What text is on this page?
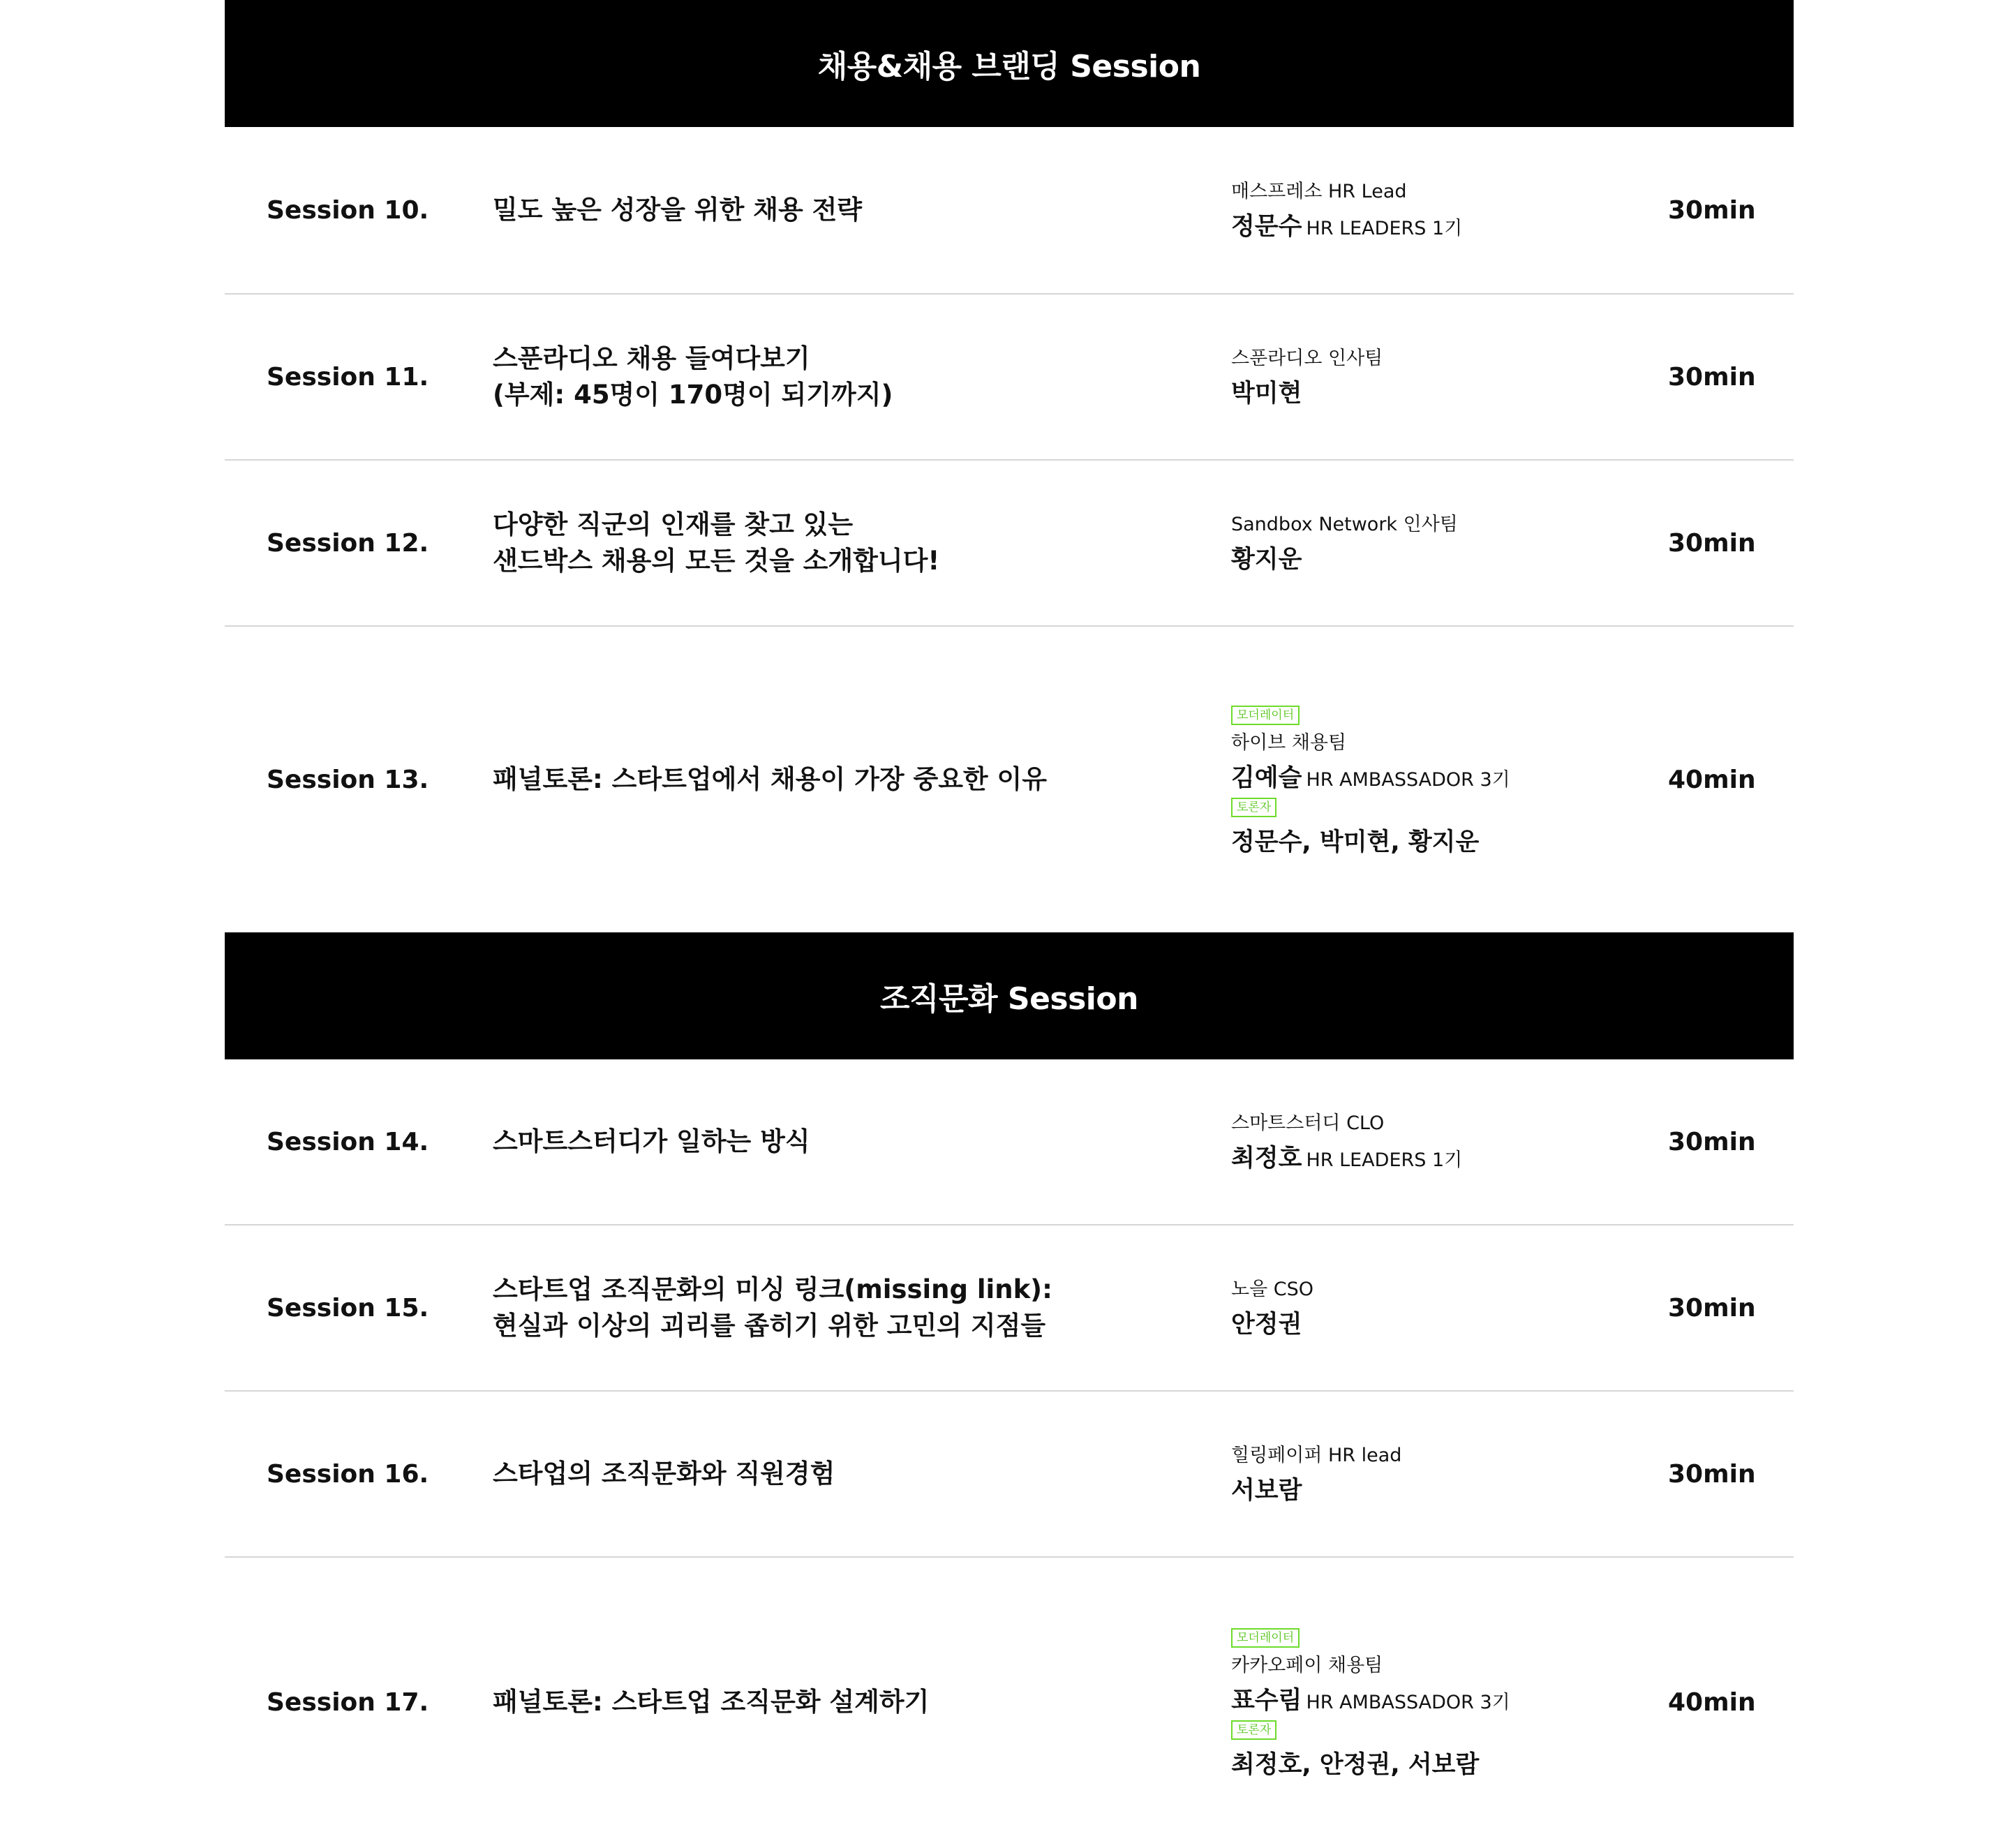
채용&채용 브랜딩 Session
Session 10. 밀도 높은 성장을 위한 채용 전략
매스프레소 HR Lead
정문수 HR LEADERS 1기
30min
Session 11.
스푼라디오 채용 들여다보기
(부제: 45명이 170명이 되기까지)
스푼라디오 인사팀
박미현
30min
Session 12.
다양한 직군의 인재를 찾고 있는
샌드박스 채용의 모든 것을 소개합니다!
Sandbox Network 인사팀
황지운
30min
Session 13. 패널토론: 스타트업에서 채용이 가장 중요한 이유
모더레이터
하이브 채용팀
김예슬 HR AMBASSADOR 3기
토론자
정문수, 박미현, 황지운
40min
조직문화 Session
Session 14. 스마트스터디가 일하는 방식
스마트스터디 CLO
최정호 HR LEADERS 1기
30min
Session 15.
스타트업 조직문화의 미싱 링크(missing link):
현실과 이상의 괴리를 좁히기 위한 고민의 지점들
노을 CSO
안정권
30min
Session 16. 스타업의 조직문화와 직원경험
힐링페이퍼 HR lead
서보람
30min
Session 17. 패널토론: 스타트업 조직문화 설계하기
모더레이터
카카오페이 채용팀
표수림 HR AMBASSADOR 3기
토론자
최정호, 안정권, 서보람
40min
